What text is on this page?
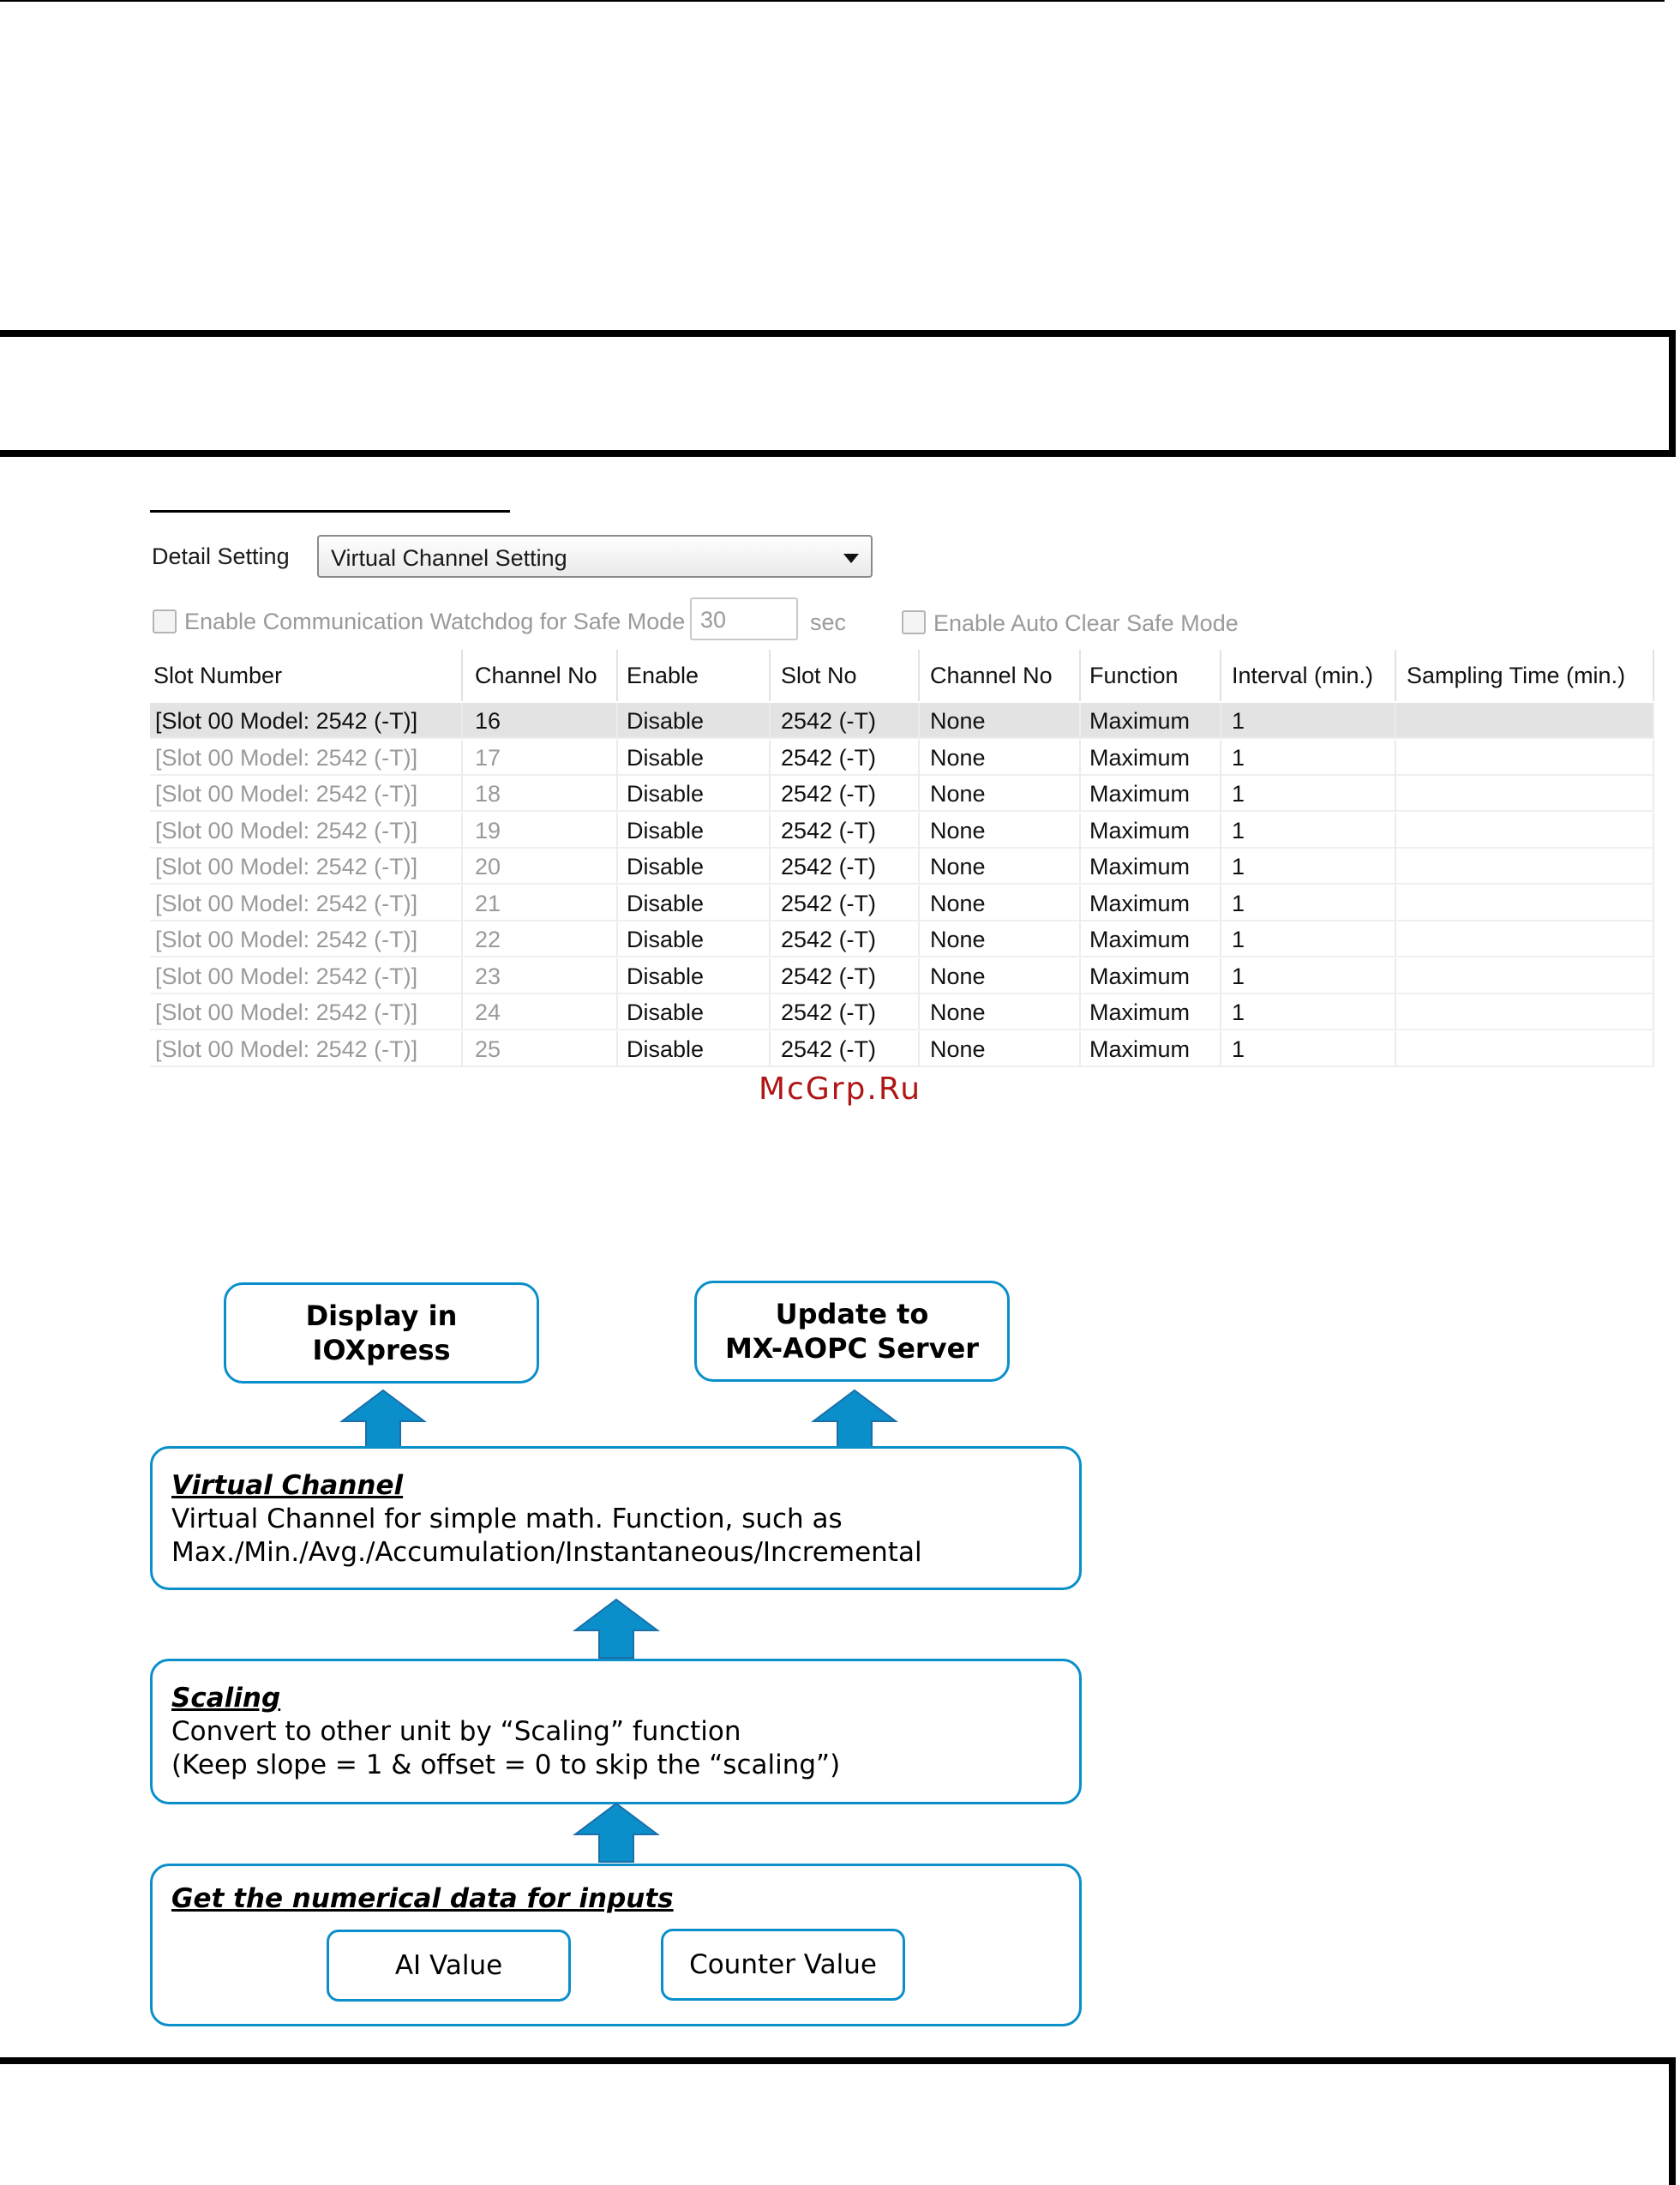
Detail Setting	Virtual Channel Setting
Enable Communication Watchdog for Safe Mode 30	sec	Enable Auto Clear Safe Mode
Slot Number	Channel No	Enable	Slot No	Channel No	Function	Interval (min.)	Sampling Time (min.)
[Slot 00 Model: 2542 (-T)]	16	Disable	2542 (-T)	None	Maximum	1
[Slot 00 Model: 2542 (-T)]	17	Disable	2542 (-T)	None	Maximum	1
[Slot 00 Model: 2542 (-T)]	18	Disable	2542 (-T)	None	Maximum	1
[Slot 00 Model: 2542 (-T)]	19	Disable	2542 (-T)	None	Maximum	1
[Slot 00 Model: 2542 (-T)]	20	Disable	2542 (-T)	None	Maximum	1
[Slot 00 Model: 2542 (-T)]	21	Disable	2542 (-T)	None	Maximum	1
[Slot 00 Model: 2542 (-T)]	22	Disable	2542 (-T)	None	Maximum	1
[Slot 00 Model: 2542 (-T)]	23	Disable	2542 (-T)	None	Maximum	1
[Slot 00 Model: 2542 (-T)]	24	Disable	2542 (-T)	None	Maximum	1
[Slot 00 Model: 2542 (-T)]	25	Disable	2542 (-T)	None	Maximum	1
McGrp.Ru
Display in
IOXpress
Update to
MX-AOPC Server
Virtual Channel
Virtual Channel for simple math. Function, such as
Max./Min./Avg./Accumulation/Instantaneous/Incremental
Scaling
Convert to other unit by “Scaling” function
(Keep slope = 1 & offset = 0 to skip the “scaling”)
Get the numerical data for inputs
AI Value	Counter Value
